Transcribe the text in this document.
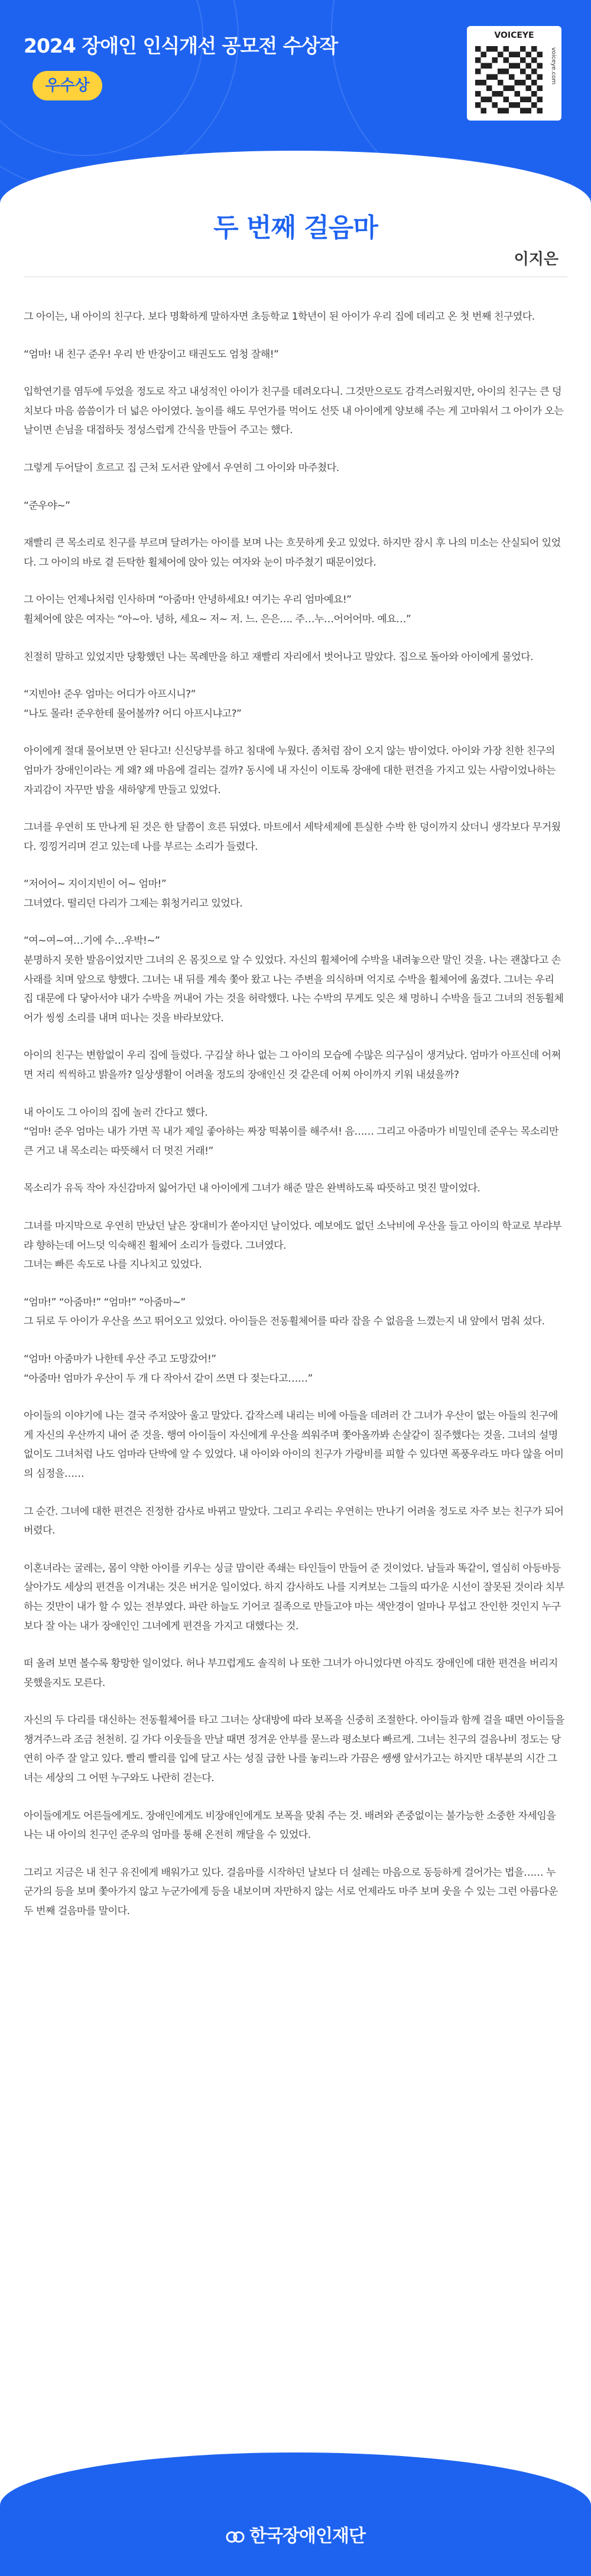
2024 장애인 인식개선 공모전 수상작
우수상
VOICEYE
voiceye.com
두 번째 걸음마
이지은

그 아이는, 내 아이의 친구다. 보다 명확하게 말하자면 초등학교 1학년이 된 아이가 우리 집에 데리고 온 첫 번째 친구였다.

“엄마! 내 친구 준우! 우리 반 반장이고 태권도도 엄청 잘해!”

입학연기를 염두에 두었을 정도로 작고 내성적인 아이가 친구를 데려오다니. 그것만으로도 감격스러웠지만, 아이의 친구는 큰 덩치보다 마음 씀씀이가 더 넓은 아이였다. 놀이를 해도 무언가를 먹어도 선뜻 내 아이에게 양보해 주는 게 고마워서 그 아이가 오는 날이면 손님을 대접하듯 정성스럽게 간식을 만들어 주고는 했다.

그렇게 두어달이 흐르고 집 근처 도서관 앞에서 우연히 그 아이와 마주쳤다.

“준우야~”

재빨리 큰 목소리로 친구를 부르며 달려가는 아이를 보며 나는 흐뭇하게 웃고 있었다. 하지만 잠시 후 나의 미소는 산실되어 있었다. 그 아이의 바로 곁 든탁한 휠체어에 앉아 있는 여자와 눈이 마주쳤기 때문이었다.

그 아이는 언제나처럼 인사하며 “아줌마! 안녕하세요! 여기는 우리 엄마예요!”
휠체어에 앉은 여자는 “아~아. 녕하, 세요~ 저~ 저. 느. 은은…. 주…누…어어어마. 예요…”

친절히 말하고 있었지만 당황했던 나는 목례만을 하고 재빨리 자리에서 벗어나고 말았다. 집으로 돌아와 아이에게 물었다.

“지빈아! 준우 엄마는 어디가 아프시니?”
“나도 몰라! 준우한테 물어볼까? 어디 아프시냐고?”

아이에게 절대 물어보면 안 된다고! 신신당부를 하고 침대에 누웠다. 좀처럼 잠이 오지 않는 밤이었다. 아이와 가장 친한 친구의 엄마가 장애인이라는 게 왜? 왜 마음에 걸리는 걸까? 동시에 내 자신이 이토록 장애에 대한 편견을 가지고 있는 사람이었나하는 자괴감이 자꾸만 밤을 새하얗게 만들고 있었다.

그녀를 우연히 또 만나게 된 것은 한 달쯤이 흐른 뒤였다. 마트에서 세탁세제에 튼실한 수박 한 덩이까지 샀더니 생각보다 무거웠다. 낑낑거리며 걷고 있는데 나를 부르는 소리가 들렸다.

“저어어~ 지이지빈이 어~ 엄마!”
그녀였다. 떨리던 다리가 그제는 휘청거리고 있었다.

“여~여~여…기에 수…우박!~”
분명하지 못한 발음이었지만 그녀의 온 몸짓으로 알 수 있었다. 자신의 휠체어에 수박을 내려놓으란 말인 것을. 나는 괜찮다고 손사래를 치며 앞으로 향했다. 그녀는 내 뒤를 계속 쫓아 왔고 나는 주변을 의식하며 억지로 수박을 휠체어에 옮겼다. 그녀는 우리 집 대문에 다 닿아서야 내가 수박을 꺼내어 가는 것을 허락했다. 나는 수박의 무게도 잊은 채 멍하니 수박을 들고 그녀의 전동휠체어가 씽씽 소리를 내며 떠나는 것을 바라보았다.

아이의 친구는 변함없이 우리 집에 들렀다. 구김살 하나 없는 그 아이의 모습에 수많은 의구심이 생겨났다. 엄마가 아프신데 어쩌면 저리 씩씩하고 밝을까? 일상생활이 어려울 정도의 장애인신 것 같은데 어찌 아이까지 키워 내셨을까?

내 아이도 그 아이의 집에 놀러 간다고 했다.
“엄마! 준우 엄마는 내가 가면 꼭 내가 제일 좋아하는 짜장 떡볶이를 해주셔! 음…… 그리고 아줌마가 비밀인데 준우는 목소리만 큰 거고 내 목소리는 따뜻해서 더 멋진 거래!”

목소리가 유독 작아 자신감마저 잃어가던 내 아이에게 그녀가 해준 말은 완벽하도록 따뜻하고 멋진 말이었다.

그녀를 마지막으로 우연히 만났던 날은 장대비가 쏟아지던 날이었다. 예보에도 없던 소낙비에 우산을 들고 아이의 학교로 부랴부랴 향하는데 어느덧 익숙해진 휠체어 소리가 들렸다. 그녀였다.
그녀는 빠른 속도로 나를 지나치고 있었다.

“엄마!” “아줌마!” “엄마!” “아줌마~”
그 뒤로 두 아이가 우산을 쓰고 뛰어오고 있었다. 아이들은 전동휠체어를 따라 잡을 수 없음을 느꼈는지 내 앞에서 멈춰 섰다.

“엄마! 아줌마가 나한테 우산 주고 도망갔어!”
“아줌마! 엄마가 우산이 두 개 다 작아서 같이 쓰면 다 젖는다고……”

아이들의 이야기에 나는 결국 주저앉아 울고 말았다. 갑작스레 내리는 비에 아들을 데려러 간 그녀가 우산이 없는 아들의 친구에게 자신의 우산까지 내어 준 것을. 행여 아이들이 자신에게 우산을 씌워주며 쫓아올까봐 손살같이 질주했다는 것을. 그녀의 설명 없이도 그녀처럼 나도 엄마라 단박에 알 수 있었다. 내 아이와 아이의 친구가 가랑비를 피할 수 있다면 폭풍우라도 마다 않을 어미의 심정을……

그 순간. 그녀에 대한 편견은 진정한 감사로 바뀌고 말았다. 그리고 우리는 우연히는 만나기 어려울 정도로 자주 보는 친구가 되어 버렸다.

이혼녀라는 굴레는, 몸이 약한 아이를 키우는 싱글 맘이란 족쇄는 타인들이 만들어 준 것이었다. 남들과 똑같이, 열심히 아등바등 살아가도 세상의 편견을 이겨내는 것은 버거운 일이었다. 하지 감사하도 나를 지켜보는 그들의 따가운 시선이 잘못된 것이라 치부하는 것만이 내가 할 수 있는 전부였다. 파란 하늘도 기어코 질족으로 만들고야 마는 색안경이 얼마나 무섭고 잔인한 것인지 누구보다 잘 아는 내가 장애인인 그녀에게 편견을 가지고 대했다는 것.

떠 올려 보면 볼수록 황망한 일이었다. 허나 부끄럽게도 솔직히 나 또한 그녀가 아니었다면 아직도 장애인에 대한 편견을 버리지 못했을지도 모른다.

자신의 두 다리를 대신하는 전동휠체어를 타고 그녀는 상대방에 따라 보폭을 신중히 조절한다. 아이들과 함께 걸을 때면 아이들을 챙겨주느라 조금 천천히. 길 가다 이웃들을 만날 때면 정겨운 안부를 묻느라 평소보다 빠르게. 그녀는 친구의 걸음나비 정도는 당연히 아주 잘 알고 있다. 빨리 빨리를 입에 달고 사는 성질 급한 나를 놓리느라 가끔은 쌩쌩 앞서가고는 하지만 대부분의 시간 그녀는 세상의 그 어떤 누구와도 나란히 걷는다.

아이들에게도 어른들에게도. 장애인에게도 비장애인에게도 보폭을 맞춰 주는 것. 배려와 존중없이는 불가능한 소중한 자세임을 나는 내 아이의 친구인 준우의 엄마를 통해 온전히 깨달을 수 있었다.

그리고 지금은 내 친구 유진에게 배워가고 있다. 걸음마를 시작하던 날보다 더 설레는 마음으로 동등하게 걸어가는 법을…… 누군가의 등을 보며 쫓아가지 않고 누군가에게 등을 내보이며 자만하지 않는 서로 언제라도 마주 보며 웃을 수 있는 그런 아름다운 두 번째 걸음마를 말이다.

한국장애인재단
